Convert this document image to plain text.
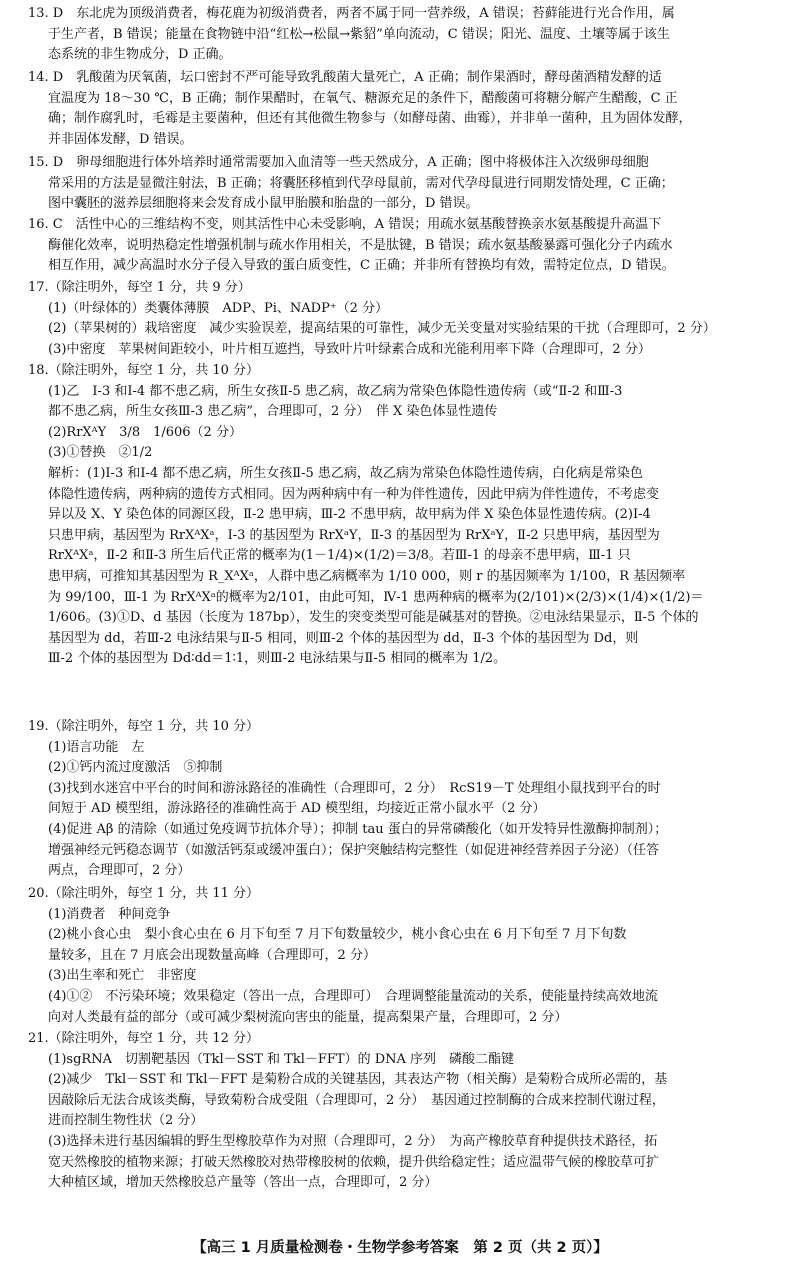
13. D　东北虎为顶级消费者，梅花鹿为初级消费者，两者不属于同一营养级，A 错误；苔藓能进行光合作用，属
于生产者，B 错误；能量在食物链中沿“红松→松鼠→紫貂”单向流动，C 错误；阳光、温度、土壤等属于该生
态系统的非生物成分，D 正确。
14. D　乳酸菌为厌氧菌，坛口密封不严可能导致乳酸菌大量死亡，A 正确；制作果酒时，酵母菌酒精发酵的适
宜温度为 18～30 ℃，B 正确；制作果醋时，在氧气、糖源充足的条件下，醋酸菌可将糖分解产生醋酸，C 正
确；制作腐乳时，毛霉是主要菌种，但还有其他微生物参与（如酵母菌、曲霉），并非单一菌种，且为固体发酵，
并非固体发酵，D 错误。
15. D　卵母细胞进行体外培养时通常需要加入血清等一些天然成分，A 正确；图中将极体注入次级卵母细胞
常采用的方法是显微注射法，B 正确；将囊胚移植到代孕母鼠前，需对代孕母鼠进行同期发情处理，C 正确；
图中囊胚的滋养层细胞将来会发育成小鼠甲胎膜和胎盘的一部分，D 错误。
16. C　活性中心的三维结构不变，则其活性中心未受影响，A 错误；用疏水氨基酸替换亲水氨基酸提升高温下
酶催化效率，说明热稳定性增强机制与疏水作用相关，不是肽键，B 错误；疏水氨基酸暴露可强化分子内疏水
相互作用，减少高温时水分子侵入导致的蛋白质变性，C 正确；并非所有替换均有效，需特定位点，D 错误。
17.（除注明外，每空 1 分，共 9 分）
(1)（叶绿体的）类囊体薄膜　ADP、Pi、NADP⁺（2 分）
(2)（苹果树的）栽培密度　减少实验误差，提高结果的可靠性，减少无关变量对实验结果的干扰（合理即可，2 分）
(3)中密度　苹果树间距较小，叶片相互遮挡，导致叶片叶绿素合成和光能利用率下降（合理即可，2 分）
18.（除注明外，每空 1 分，共 10 分）
(1)乙　Ⅰ-3 和Ⅰ-4 都不患乙病，所生女孩Ⅱ-5 患乙病，故乙病为常染色体隐性遗传病（或“Ⅱ-2 和Ⅲ-3
都不患乙病，所生女孩Ⅲ-3 患乙病”，合理即可，2 分）　伴 X 染色体显性遗传
(2)RrXᴬY　3/8　1/606（2 分）
(3)①替换　②1/2
解析：(1)Ⅰ-3 和Ⅰ-4 都不患乙病，所生女孩Ⅱ-5 患乙病，故乙病为常染色体隐性遗传病，白化病是常染色
体隐性遗传病，两种病的遗传方式相同。因为两种病中有一种为伴性遗传，因此甲病为伴性遗传，不考虑变
异以及 X、Y 染色体的同源区段，Ⅱ-2 患甲病，Ⅲ-2 不患甲病，故甲病为伴 X 染色体显性遗传病。(2)Ⅰ-4
只患甲病，基因型为 RrXᴬXᵃ，Ⅰ-3 的基因型为 RrXᵃY，Ⅱ-3 的基因型为 RrXᵃY，Ⅱ-2 只患甲病，基因型为
RrXᴬXᵃ，Ⅱ-2 和Ⅱ-3 所生后代正常的概率为(1－1/4)×(1/2)＝3/8。若Ⅲ-1 的母亲不患甲病，Ⅲ-1 只
患甲病，可推知其基因型为 R_XᴬXᵃ，人群中患乙病概率为 1/10 000，则 r 的基因频率为 1/100，R 基因频率
为 99/100，Ⅲ-1 为 RrXᴬXᵃ的概率为2/101，由此可知，Ⅳ-1 患两种病的概率为(2/101)×(2/3)×(1/4)×(1/2)＝
1/606。(3)①D、d 基因（长度为 187bp），发生的突变类型可能是碱基对的替换。②电泳结果显示，Ⅱ-5 个体的
基因型为 dd，若Ⅲ-2 电泳结果与Ⅱ-5 相同，则Ⅲ-2 个体的基因型为 dd，Ⅱ-3 个体的基因型为 Dd，则
Ⅲ-2 个体的基因型为 Dd∶dd＝1∶1，则Ⅲ-2 电泳结果与Ⅱ-5 相同的概率为 1/2。
19.（除注明外，每空 1 分，共 10 分）
(1)语言功能　左
(2)①钙内流过度激活　⑤抑制
(3)找到水迷宫中平台的时间和游泳路径的准确性（合理即可，2 分）　RcS19－T 处理组小鼠找到平台的时
间短于 AD 模型组，游泳路径的准确性高于 AD 模型组，均接近正常小鼠水平（2 分）
(4)促进 Aβ 的清除（如通过免疫调节抗体介导）；抑制 tau 蛋白的异常磷酸化（如开发特异性激酶抑制剂）；
增强神经元钙稳态调节（如激活钙泵或缓冲蛋白）；保护突触结构完整性（如促进神经营养因子分泌）（任答
两点，合理即可，2 分）
20.（除注明外，每空 1 分，共 11 分）
(1)消费者　种间竞争
(2)桃小食心虫　梨小食心虫在 6 月下旬至 7 月下旬数量较少，桃小食心虫在 6 月下旬至 7 月下旬数
量较多，且在 7 月底会出现数量高峰（合理即可，2 分）
(3)出生率和死亡　非密度
(4)①②　不污染环境；效果稳定（答出一点，合理即可）　合理调整能量流动的关系，使能量持续高效地流
向对人类最有益的部分（或可减少梨树流向害虫的能量，提高梨果产量，合理即可，2 分）
21.（除注明外，每空 1 分，共 12 分）
(1)sgRNA　切割靶基因（Tkl－SST 和 Tkl－FFT）的 DNA 序列　磷酸二酯键
(2)减少　Tkl－SST 和 Tkl－FFT 是菊粉合成的关键基因，其表达产物（相关酶）是菊粉合成所必需的，基
因敲除后无法合成该类酶，导致菊粉合成受阻（合理即可，2 分）　基因通过控制酶的合成来控制代谢过程，
进而控制生物性状（2 分）
(3)选择未进行基因编辑的野生型橡胶草作为对照（合理即可，2 分）　为高产橡胶草育种提供技术路径，拓
宽天然橡胶的植物来源；打破天然橡胶对热带橡胶树的依赖，提升供给稳定性；适应温带气候的橡胶草可扩
大种植区域，增加天然橡胶总产量等（答出一点，合理即可，2 分）
【高三 1 月质量检测卷・生物学参考答案　第 2 页（共 2 页）】
